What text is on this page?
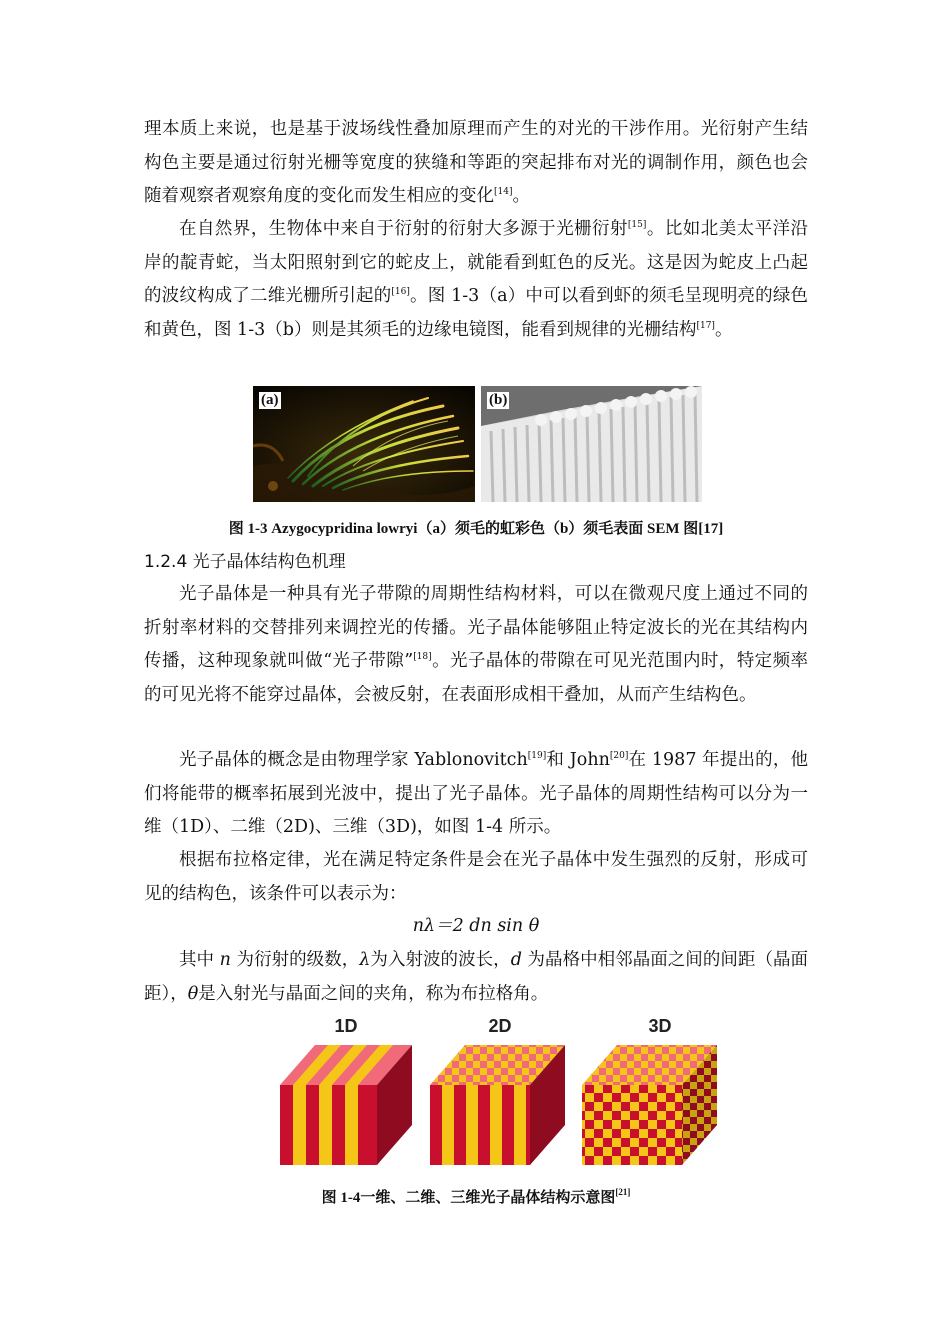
理本质上来说，也是基于波场线性叠加原理而产生的对光的干涉作用。光衍射产生结构色主要是通过衍射光栅等宽度的狭缝和等距的突起排布对光的调制作用，颜色也会随着观察者观察角度的变化而发生相应的变化[14]。

在自然界，生物体中来自于衍射的衍射大多源于光栅衍射[15]。比如北美太平洋沿岸的靛青蛇，当太阳照射到它的蛇皮上，就能看到虹色的反光。这是因为蛇皮上凸起的波纹构成了二维光栅所引起的[16]。图 1-3（a）中可以看到虾的须毛呈现明亮的绿色和黄色，图 1-3（b）则是其须毛的边缘电镜图，能看到规律的光栅结构[17]。

(a)	(b)
图 1-3 Azygocypridina lowryi（a）须毛的虹彩色（b）须毛表面 SEM 图[17]
1.2.4 光子晶体结构色机理

光子晶体是一种具有光子带隙的周期性结构材料，可以在微观尺度上通过不同的折射率材料的交替排列来调控光的传播。光子晶体能够阻止特定波长的光在其结构内传播，这种现象就叫做“光子带隙”[18]。光子晶体的带隙在可见光范围内时，特定频率的可见光将不能穿过晶体，会被反射，在表面形成相干叠加，从而产生结构色。

光子晶体的概念是由物理学家 Yablonovitch[19]和 John[20]在 1987 年提出的，他们将能带的概率拓展到光波中，提出了光子晶体。光子晶体的周期性结构可以分为一维（1D）、二维（2D)、三维（3D)，如图 1-4 所示。

根据布拉格定律，光在满足特定条件是会在光子晶体中发生强烈的反射，形成可见的结构色，该条件可以表示为：

nλ＝2 dn sin θ

其中 n 为衍射的级数，λ为入射波的波长，d 为晶格中相邻晶面之间的间距（晶面距），θ是入射光与晶面之间的夹角，称为布拉格角。

1D	2D	3D
图 1-4一维、二维、三维光子晶体结构示意图[21]
